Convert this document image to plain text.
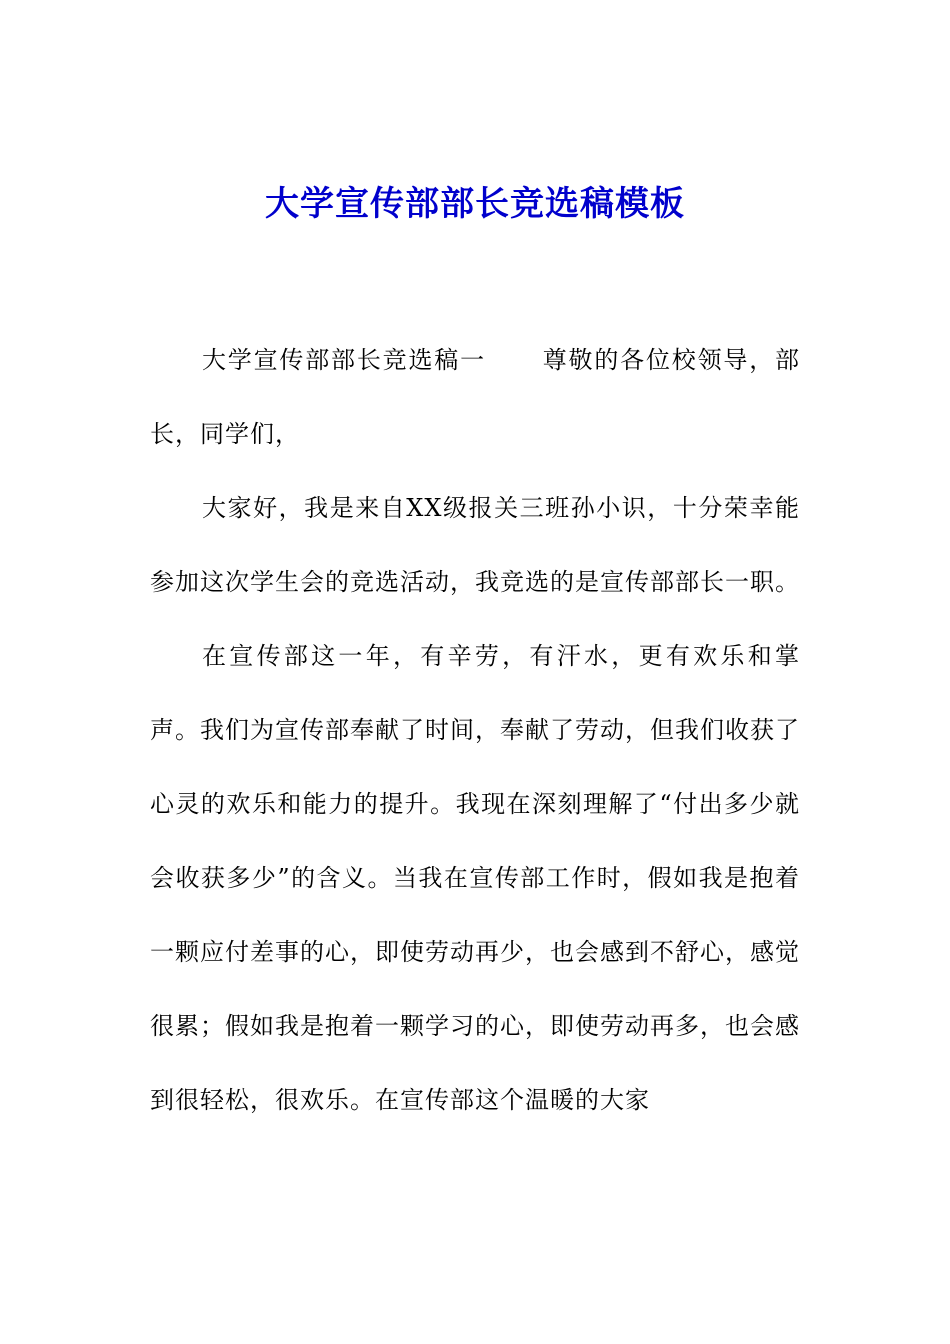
大学宣传部部长竞选稿模板

大学宣传部部长竞选稿一 尊敬的各位校领导，部长，同学们，

大家好，我是来自XX级报关三班孙小识，十分荣幸能参加这次学生会的竞选活动，我竞选的是宣传部部长一职。

在宣传部这一年，有辛劳，有汗水，更有欢乐和掌声。我们为宣传部奉献了时间，奉献了劳动，但我们收获了心灵的欢乐和能力的提升。我现在深刻理解了“付出多少就会收获多少”的含义。当我在宣传部工作时，假如我是抱着一颗应付差事的心，即使劳动再少，也会感到不舒心，感觉很累；假如我是抱着一颗学习的心，即使劳动再多，也会感到很轻松，很欢乐。在宣传部这个温暖的大家
